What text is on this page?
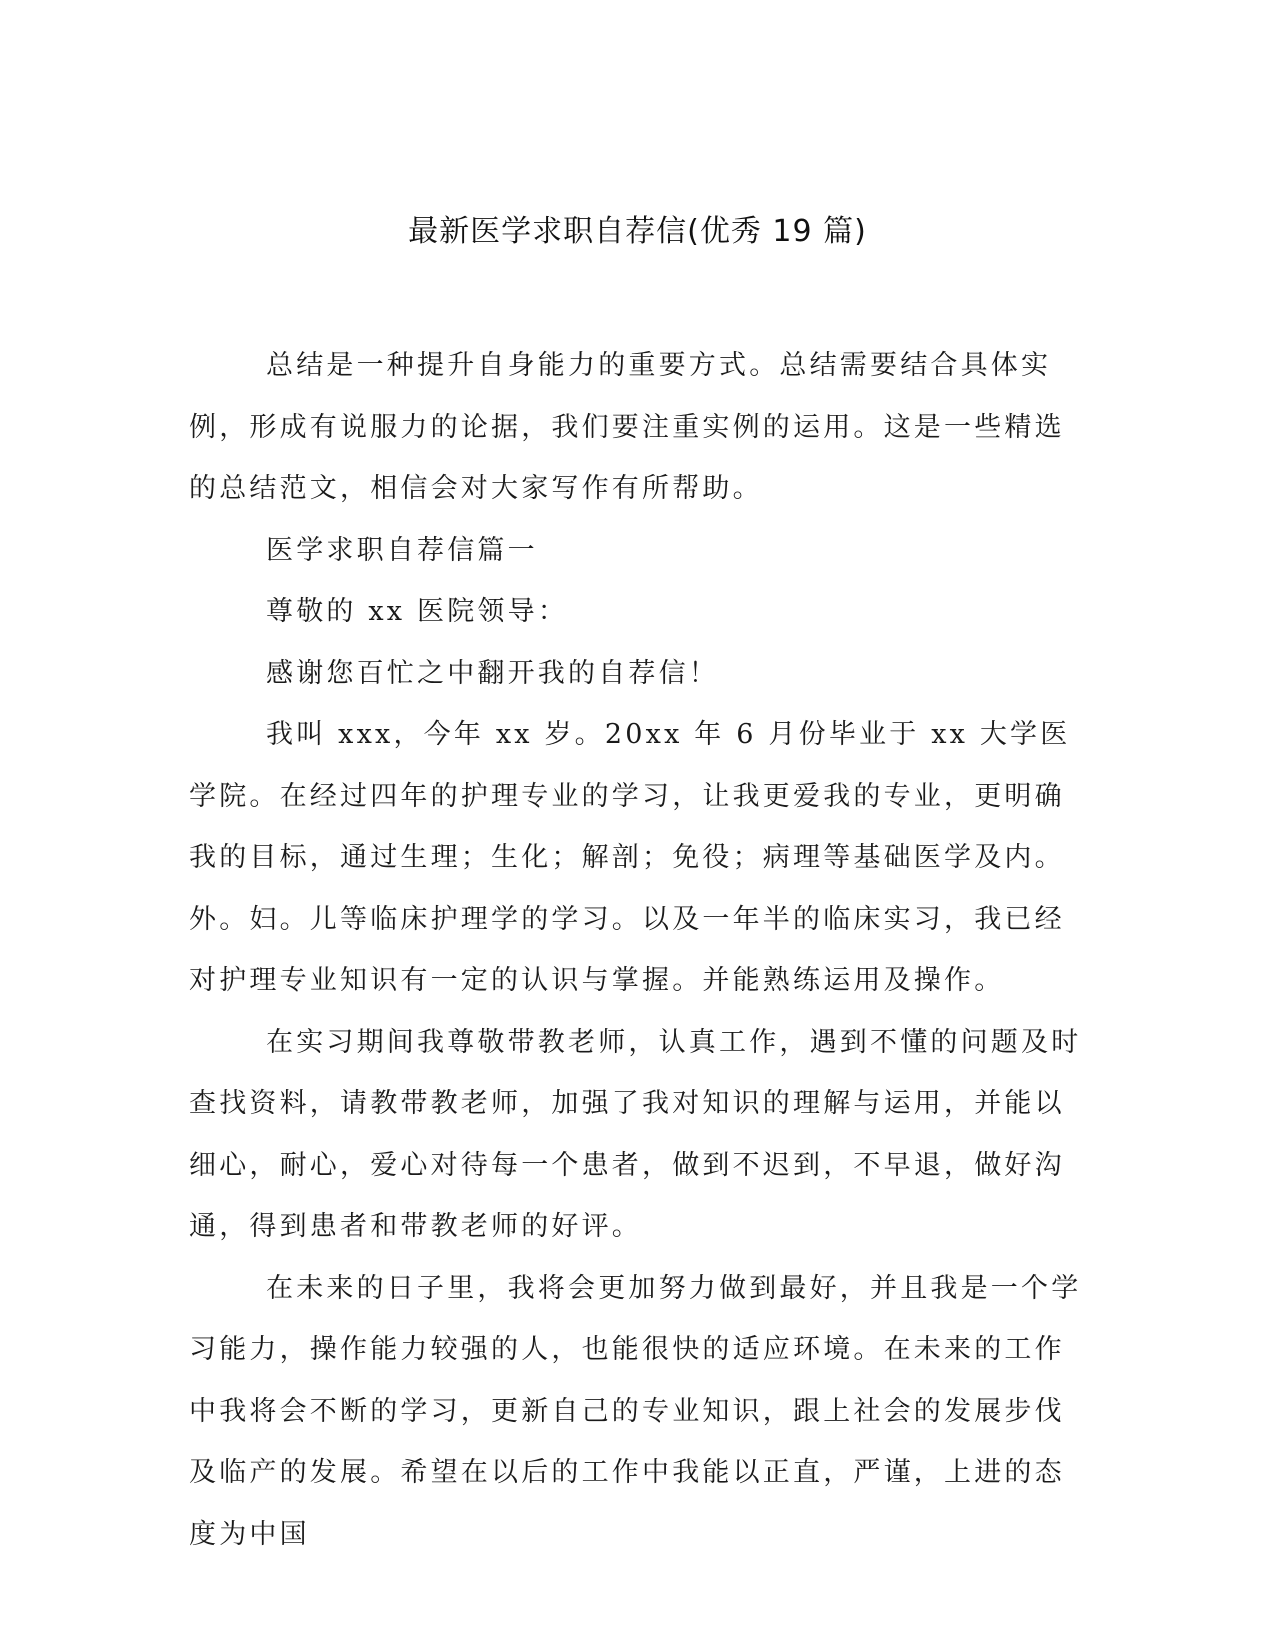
最新医学求职自荐信(优秀 19 篇)

总结是一种提升自身能力的重要方式。总结需要结合具体实例，形成有说服力的论据，我们要注重实例的运用。这是一些精选的总结范文，相信会对大家写作有所帮助。

医学求职自荐信篇一

尊敬的 xx 医院领导：

感谢您百忙之中翻开我的自荐信！

我叫 xxx，今年 xx 岁。20xx 年 6 月份毕业于 xx 大学医学院。在经过四年的护理专业的学习，让我更爱我的专业，更明确我的目标，通过生理；生化；解剖；免役；病理等基础医学及内。外。妇。儿等临床护理学的学习。以及一年半的临床实习，我已经对护理专业知识有一定的认识与掌握。并能熟练运用及操作。

在实习期间我尊敬带教老师，认真工作，遇到不懂的问题及时查找资料，请教带教老师，加强了我对知识的理解与运用，并能以细心，耐心，爱心对待每一个患者，做到不迟到，不早退，做好沟通，得到患者和带教老师的好评。

在未来的日子里，我将会更加努力做到最好，并且我是一个学习能力，操作能力较强的人，也能很快的适应环境。在未来的工作中我将会不断的学习，更新自己的专业知识，跟上社会的发展步伐及临产的发展。希望在以后的工作中我能以正直，严谨，上进的态度为中国
